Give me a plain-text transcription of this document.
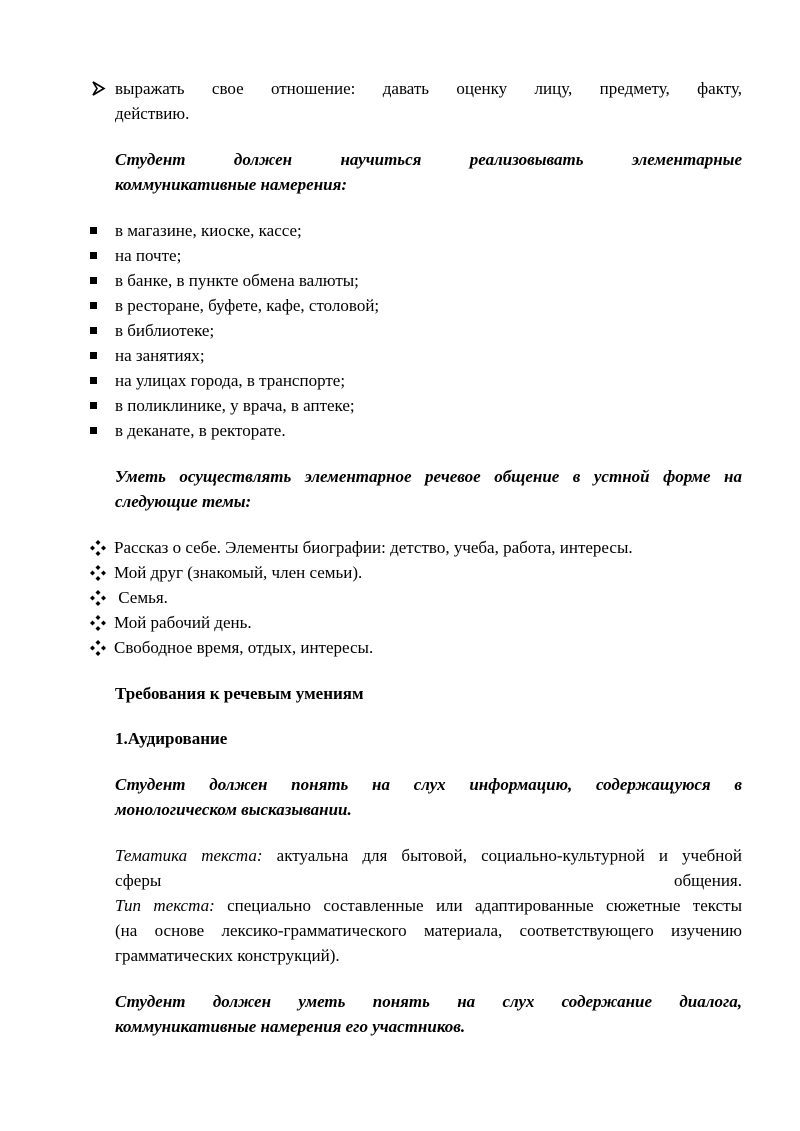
выражать свое отношение: давать оценку лицу, предмету, факту,
действию.
Студент должен научиться реализовывать элементарные
коммуникативные намерения:
в магазине, киоске, кассе;
на почте;
в банке, в пункте обмена валюты;
в ресторане, буфете, кафе, столовой;
в библиотеке;
на занятиях;
на улицах города, в транспорте;
в поликлинике, у врача, в аптеке;
в деканате, в ректорате.
Уметь осуществлять элементарное речевое общение в устной форме на
следующие темы:
Рассказ о себе. Элементы биографии: детство, учеба, работа, интересы.
Мой друг (знакомый, член семьи).
Семья.
Мой рабочий день.
Свободное время, отдых, интересы.
Требования к речевым умениям
1.Аудирование
Студент должен понять на слух информацию, содержащуюся в
монологическом высказывании.
Тематика текста: актуальна для бытовой, социально-культурной и учебной
сферы общения.
Тип текста: специально составленные или адаптированные сюжетные тексты
(на основе лексико-грамматического материала, соответствующего изучению
грамматических конструкций).
Студент должен уметь понять на слух содержание диалога,
коммуникативные намерения его участников.
